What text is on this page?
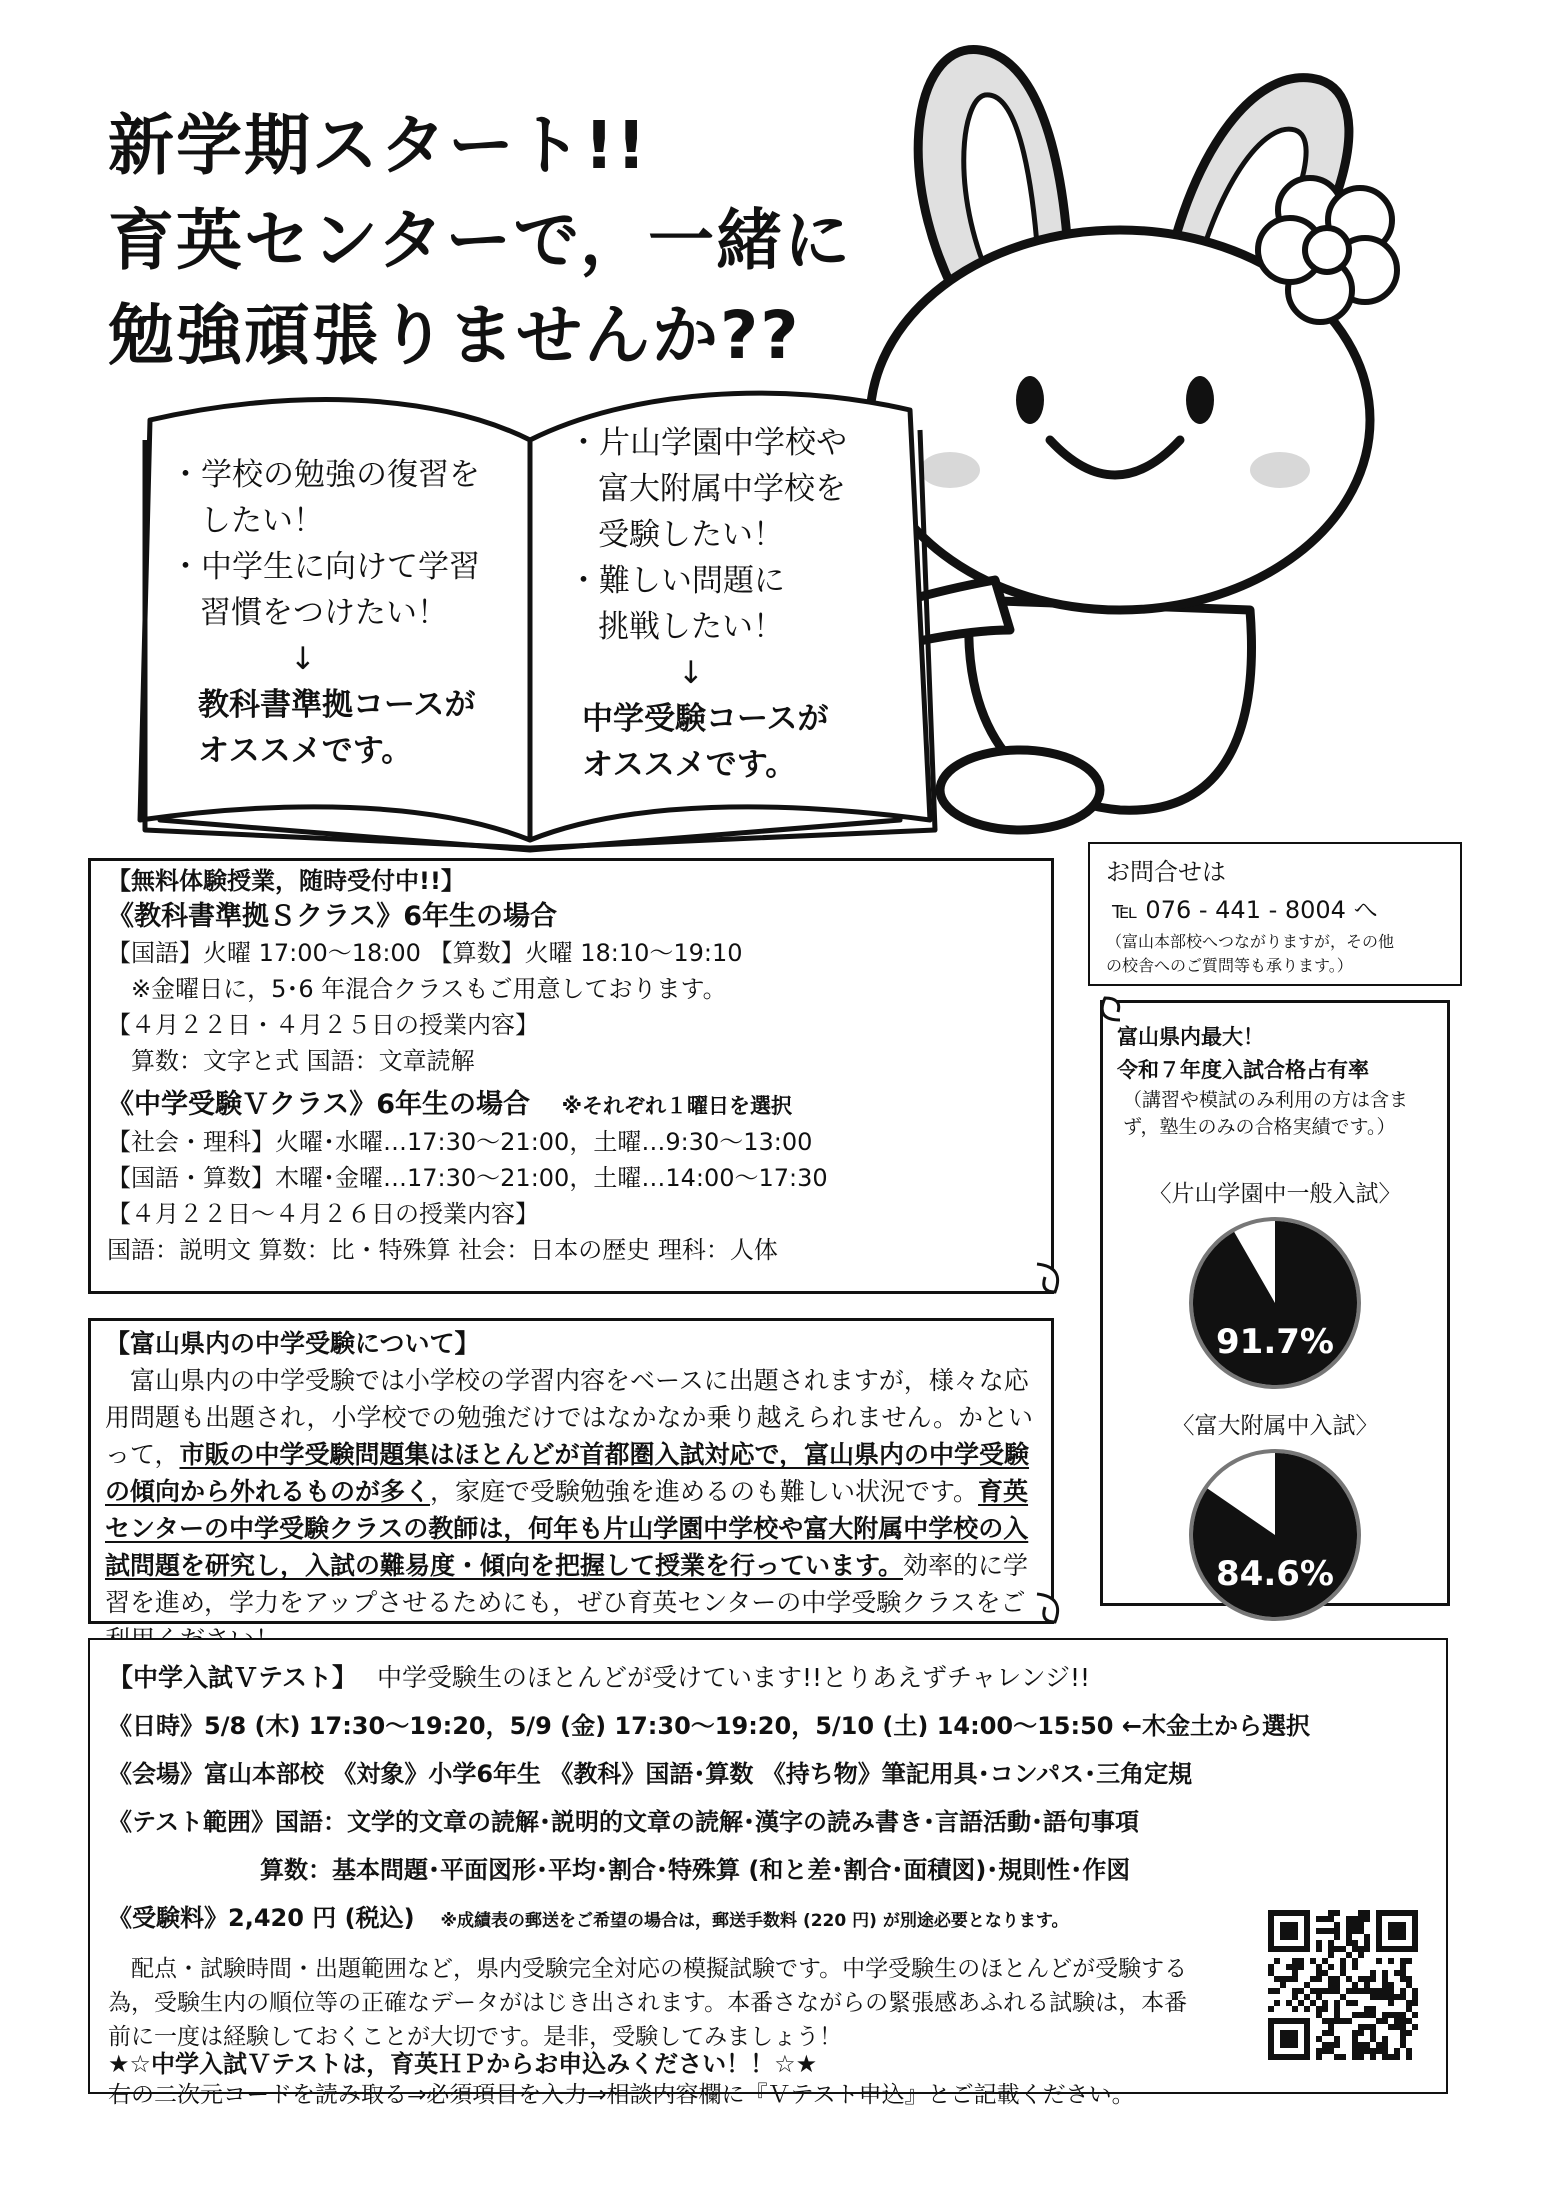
新学期スタート!!
育英センターで，一緒に
勉強頑張りませんか??
・学校の勉強の復習を
したい！
・中学生に向けて学習
習慣をつけたい！
↓
教科書準拠コースが
オススメです。
・片山学園中学校や
富大附属中学校を
受験したい！
・難しい問題に
挑戦したい！
↓
中学受験コースが
オススメです。
お問合せは
℡ 076 - 441 - 8004 へ
（富山本部校へつながりますが，その他
の校舎へのご質問等も承ります。）
【無料体験授業，随時受付中!!】
《教科書準拠Ｓクラス》6年生の場合
【国語】火曜 17:00～18:00 【算数】火曜 18:10～19:10
※金曜日に，5･6 年混合クラスもご用意しております。
【４月２２日・４月２５日の授業内容】
算数：文字と式 国語：文章読解
《中学受験Ｖクラス》6年生の場合 ※それぞれ１曜日を選択
【社会・理科】火曜･水曜…17:30～21:00，土曜…9:30～13:00
【国語・算数】木曜･金曜…17:30～21:00，土曜…14:00～17:30
【４月２２日～４月２６日の授業内容】
国語：説明文 算数：比・特殊算 社会：日本の歴史 理科：人体
【富山県内の中学受験について】
　富山県内の中学受験では小学校の学習内容をベースに出題されますが，様々な応用問題も出題され，小学校での勉強だけではなかなか乗り越えられません。かといって，市販の中学受験問題集はほとんどが首都圏入試対応で，富山県内の中学受験の傾向から外れるものが多く，家庭で受験勉強を進めるのも難しい状況です。育英センターの中学受験クラスの教師は，何年も片山学園中学校や富大附属中学校の入試問題を研究し，入試の難易度・傾向を把握して授業を行っています。効率的に学習を進め，学力をアップさせるためにも，ぜひ育英センターの中学受験クラスをご
富山県内最大！
令和７年度入試合格占有率
（講習や模試のみ利用の方は含まず，塾生のみの合格実績です。）
〈片山学園中一般入試〉
91.7%
〈富大附属中入試〉
84.6%
【中学入試Ｖテスト】 中学受験生のほとんどが受けています!!とりあえずチャレンジ!!
《日時》5/8 (木) 17:30～19:20，5/9 (金) 17:30～19:20，5/10 (土) 14:00～15:50 ←木金土から選択
《会場》富山本部校 《対象》小学6年生 《教科》国語･算数 《持ち物》筆記用具･コンパス･三角定規
《テスト範囲》国語：文学的文章の読解･説明的文章の読解･漢字の読み書き･言語活動･語句事項
算数：基本問題･平面図形･平均･割合･特殊算 (和と差･割合･面積図)･規則性･作図
《受験料》2,420 円 (税込) ※成績表の郵送をご希望の場合は，郵送手数料 (220 円) が別途必要となります。
　配点・試験時間・出題範囲など，県内受験完全対応の模擬試験です。中学受験生のほとんどが受験する為，受験生内の順位等の正確なデータがはじき出されます。本番さながらの緊張感あふれる試験は，本番前に一度は経験しておくことが大切です。是非，受験してみましょう！
★☆中学入試Ｖテストは，育英ＨＰからお申込みください！！☆★
右の二次元コードを読み取る⇒必須項目を入力⇒相談内容欄に『Ｖテスト申込』とご記載ください。
